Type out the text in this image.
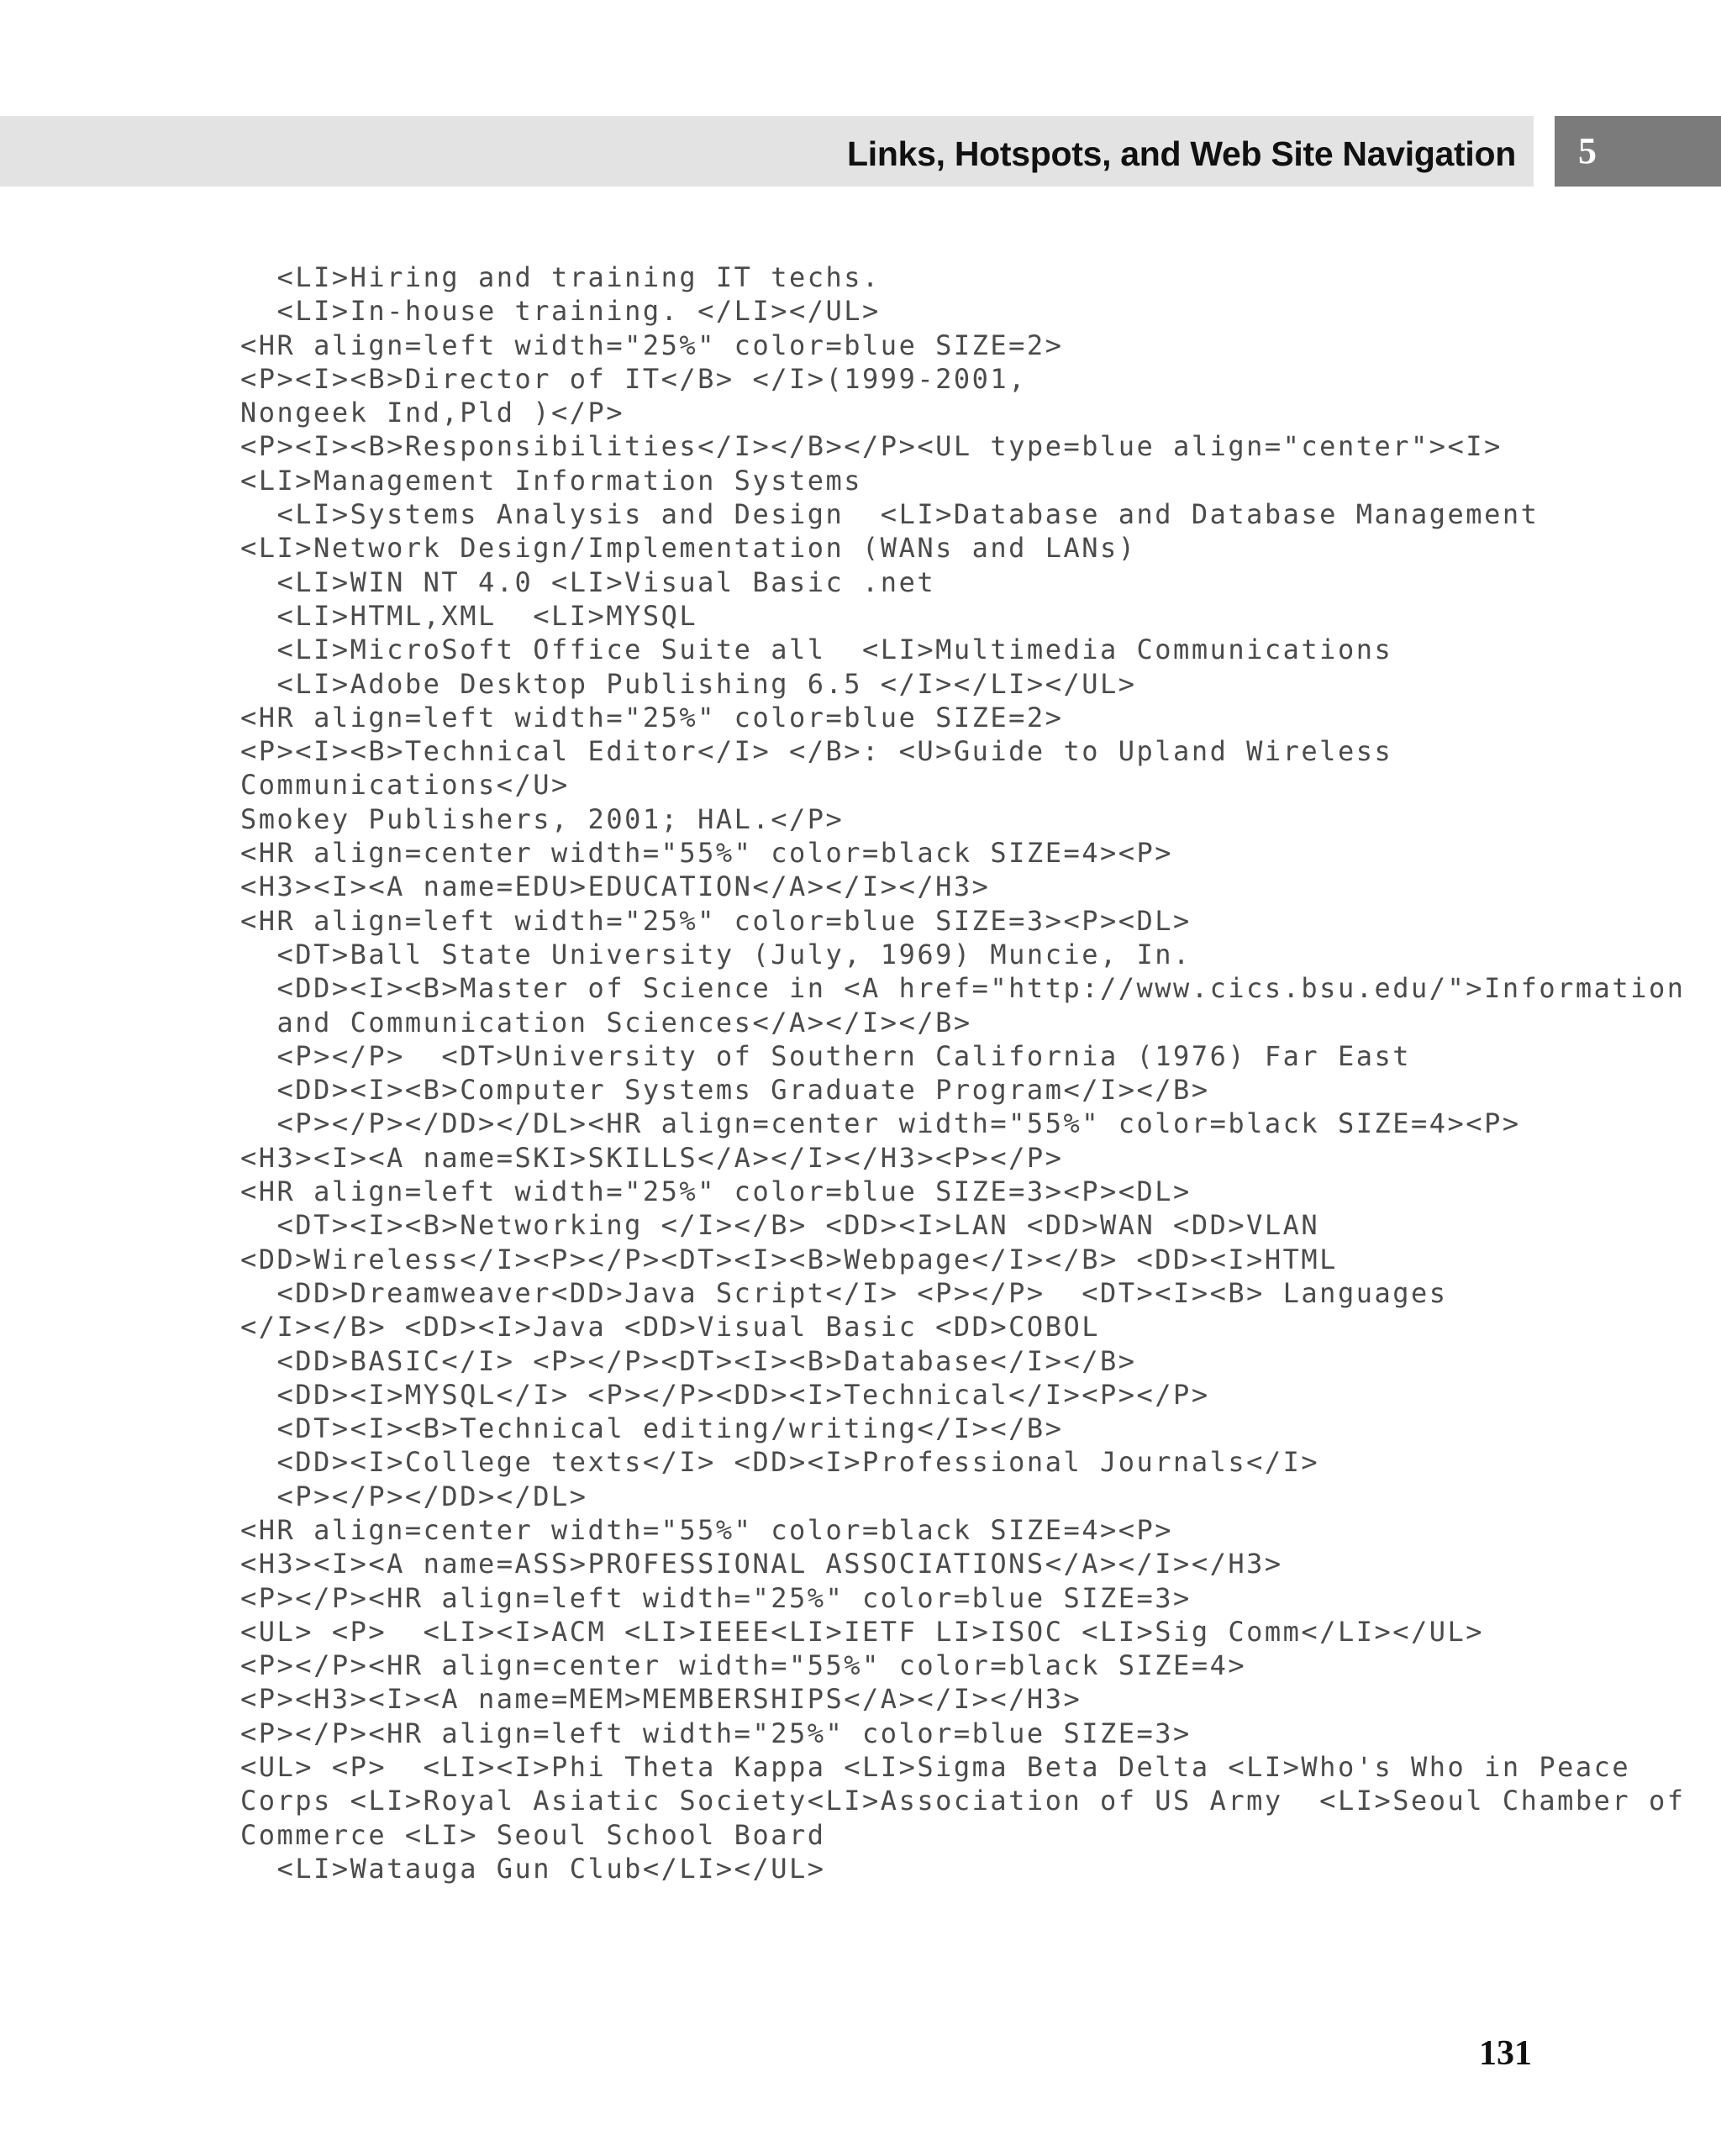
Links, Hotspots, and Web Site Navigation	5
<LI>Hiring and training IT techs.
<LI>In-house training. </LI></UL>
<HR align=left width="25%" color=blue SIZE=2>
<P><I><B>Director of IT</B> </I>(1999-2001,
Nongeek Ind,Pld )</P>
<P><I><B>Responsibilities</I></B></P><UL type=blue align="center"><I>
<LI>Management Information Systems
<LI>Systems Analysis and Design  <LI>Database and Database Management
<LI>Network Design/Implementation (WANs and LANs)
<LI>WIN NT 4.0 <LI>Visual Basic .net
<LI>HTML,XML  <LI>MYSQL
<LI>MicroSoft Office Suite all  <LI>Multimedia Communications
<LI>Adobe Desktop Publishing 6.5 </I></LI></UL>
<HR align=left width="25%" color=blue SIZE=2>
<P><I><B>Technical Editor</I> </B>: <U>Guide to Upland Wireless
Communications</U>
Smokey Publishers, 2001; HAL.</P>
<HR align=center width="55%" color=black SIZE=4><P>
<H3><I><A name=EDU>EDUCATION</A></I></H3>
<HR align=left width="25%" color=blue SIZE=3><P><DL>
<DT>Ball State University (July, 1969) Muncie, In.
<DD><I><B>Master of Science in <A href="http://www.cics.bsu.edu/">Information
and Communication Sciences</A></I></B>
<P></P>  <DT>University of Southern California (1976) Far East
<DD><I><B>Computer Systems Graduate Program</I></B>
<P></P></DD></DL><HR align=center width="55%" color=black SIZE=4><P>
<H3><I><A name=SKI>SKILLS</A></I></H3><P></P>
<HR align=left width="25%" color=blue SIZE=3><P><DL>
<DT><I><B>Networking </I></B> <DD><I>LAN <DD>WAN <DD>VLAN
<DD>Wireless</I><P></P><DT><I><B>Webpage</I></B> <DD><I>HTML
<DD>Dreamweaver<DD>Java Script</I> <P></P>  <DT><I><B> Languages
</I></B> <DD><I>Java <DD>Visual Basic <DD>COBOL
<DD>BASIC</I> <P></P><DT><I><B>Database</I></B>
<DD><I>MYSQL</I> <P></P><DD><I>Technical</I><P></P>
<DT><I><B>Technical editing/writing</I></B>
<DD><I>College texts</I> <DD><I>Professional Journals</I>
<P></P></DD></DL>
<HR align=center width="55%" color=black SIZE=4><P>
<H3><I><A name=ASS>PROFESSIONAL ASSOCIATIONS</A></I></H3>
<P></P><HR align=left width="25%" color=blue SIZE=3>
<UL> <P>  <LI><I>ACM <LI>IEEE<LI>IETF LI>ISOC <LI>Sig Comm</LI></UL>
<P></P><HR align=center width="55%" color=black SIZE=4>
<P><H3><I><A name=MEM>MEMBERSHIPS</A></I></H3>
<P></P><HR align=left width="25%" color=blue SIZE=3>
<UL> <P>  <LI><I>Phi Theta Kappa <LI>Sigma Beta Delta <LI>Who's Who in Peace
Corps <LI>Royal Asiatic Society<LI>Association of US Army  <LI>Seoul Chamber of
Commerce <LI> Seoul School Board
<LI>Watauga Gun Club</LI></UL>
131
